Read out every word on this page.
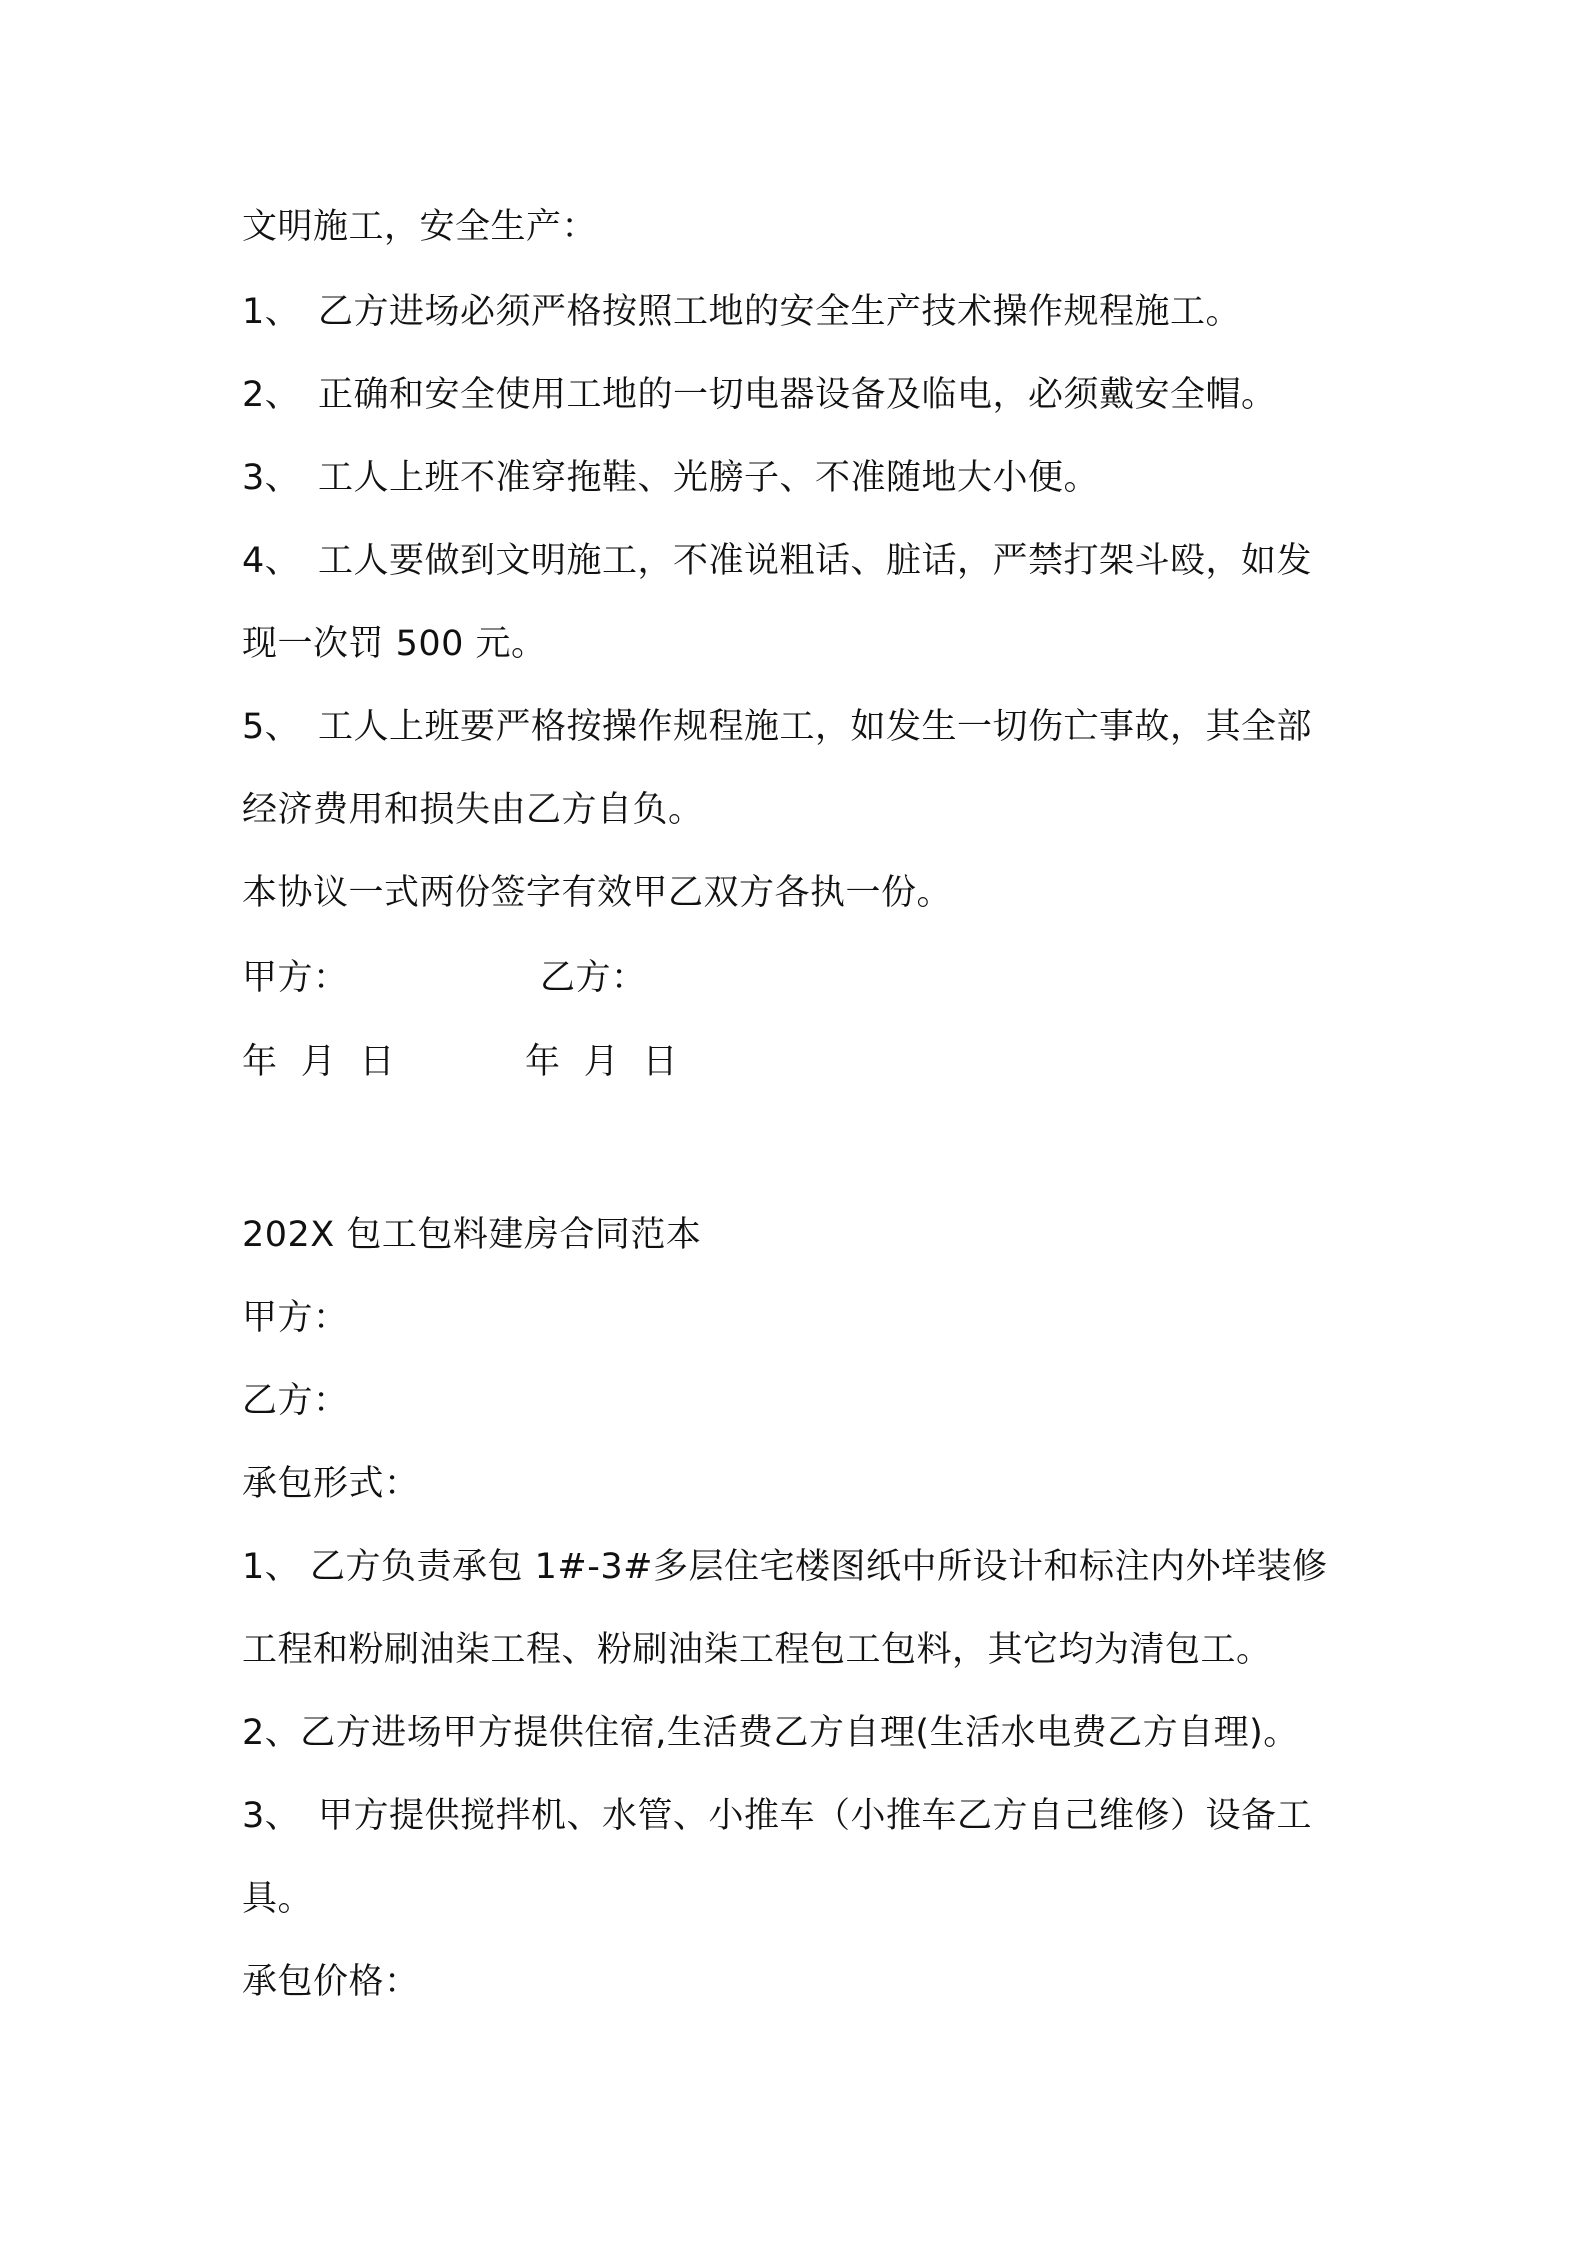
文明施工，安全生产：
1、 乙方进场必须严格按照工地的安全生产技术操作规程施工。
2、 正确和安全使用工地的一切电器设备及临电，必须戴安全帽。
3、 工人上班不准穿拖鞋、光膀子、不准随地大小便。
4、 工人要做到文明施工，不准说粗话、脏话，严禁打架斗殴，如发
现一次罚 500 元。
5、 工人上班要严格按操作规程施工，如发生一切伤亡事故，其全部
经济费用和损失由乙方自负。
本协议一式两份签字有效甲乙双方各执一份。
甲方：	乙方：
年  月  日	年  月  日
202X 包工包料建房合同范本
甲方：
乙方：
承包形式：
1、 乙方负责承包 1#-3#多层住宅楼图纸中所设计和标注内外垟装修
工程和粉刷油柒工程、粉刷油柒工程包工包料，其它均为清包工。
2、乙方进场甲方提供住宿,生活费乙方自理(生活水电费乙方自理)。
3、 甲方提供搅拌机、水管、小推车（小推车乙方自己维修）设备工
具。
承包价格：
